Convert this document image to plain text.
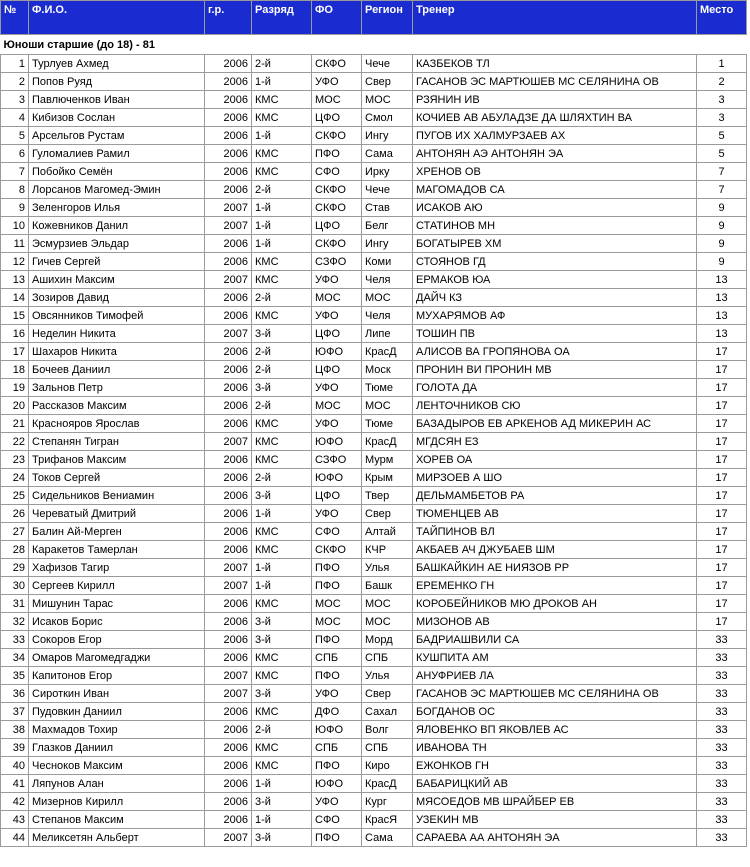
№	Ф.И.О.	г.р.	Разряд	ФО	Регион	Тренер	Место
Юноши старшие (до 18) - 81							
1	Турлуев Ахмед	2006	2-й	СКФО	Чече	КАЗБЕКОВ ТЛ	1
2	Попов Руяд	2006	1-й	УФО	Свер	ГАСАНОВ ЭС МАРТЮШЕВ МС СЕЛЯНИНА ОВ	2
3	Павлюченков Иван	2006	КМС	МОС	МОС	РЗЯНИН ИВ	3
4	Кибизов Сослан	2006	КМС	ЦФО	Смол	КОЧИЕВ АВ АБУЛАДЗЕ ДА ШЛЯХТИН ВА	3
5	Арсельгов Рустам	2006	1-й	СКФО	Ингу	ПУГОВ ИХ ХАЛМУРЗАЕВ АХ	5
6	Гуломалиев Рамил	2006	КМС	ПФО	Сама	АНТОНЯН АЭ АНТОНЯН ЭА	5
7	Побойко Семён	2006	КМС	СФО	Ирку	ХРЕНОВ ОВ	7
8	Лорсанов Магомед-Эмин	2006	2-й	СКФО	Чече	МАГОМАДОВ СА	7
9	Зеленгоров Илья	2007	1-й	СКФО	Став	ИСАКОВ АЮ	9
10	Кожевников Данил	2007	1-й	ЦФО	Белг	СТАТИНОВ МН	9
11	Эсмурзиев Эльдар	2006	1-й	СКФО	Ингу	БОГАТЫРЕВ ХМ	9
12	Гичев Сергей	2006	КМС	СЗФО	Коми	СТОЯНОВ ГД	9
13	Ашихин Максим	2007	КМС	УФО	Челя	ЕРМАКОВ ЮА	13
14	Зозиров Давид	2006	2-й	МОС	МОС	ДАЙЧ КЗ	13
15	Овсянников Тимофей	2006	КМС	УФО	Челя	МУХАРЯМОВ АФ	13
16	Неделин Никита	2007	3-й	ЦФО	Липе	ТОШИН ПВ	13
17	Шахаров Никита	2006	2-й	ЮФО	КрасД	АЛИСОВ ВА ГРОПЯНОВА ОА	17
18	Бочеев Даниил	2006	2-й	ЦФО	Моск	ПРОНИН ВИ ПРОНИН МВ	17
19	Зальнов Петр	2006	3-й	УФО	Тюме	ГОЛОТА ДА	17
20	Рассказов Максим	2006	2-й	МОС	МОС	ЛЕНТОЧНИКОВ СЮ	17
21	Краснояров Ярослав	2006	КМС	УФО	Тюме	БАЗАДЫРОВ ЕВ АРКЕНОВ АД МИКЕРИН АС	17
22	Степанян Тигран	2007	КМС	ЮФО	КрасД	МГДСЯН ЕЗ	17
23	Трифанов Максим	2006	КМС	СЗФО	Мурм	ХОРЕВ ОА	17
24	Токов Сергей	2006	2-й	ЮФО	Крым	МИРЗОЕВ А ШО	17
25	Сидельников Вениамин	2006	3-й	ЦФО	Твер	ДЕЛЬМАМБЕТОВ РА	17
26	Череватый Дмитрий	2006	1-й	УФО	Свер	ТЮМЕНЦЕВ АВ	17
27	Балин Ай-Мерген	2006	КМС	СФО	Алтай	ТАЙПИНОВ ВЛ	17
28	Каракетов Тамерлан	2006	КМС	СКФО	КЧР	АКБАЕВ АЧ ДЖУБАЕВ ШМ	17
29	Хафизов Тагир	2007	1-й	ПФО	Улья	БАШКАЙКИН АЕ НИЯЗОВ РР	17
30	Сергеев Кирилл	2007	1-й	ПФО	Башк	ЕРЕМЕНКО ГН	17
31	Мишунин Тарас	2006	КМС	МОС	МОС	КОРОБЕЙНИКОВ МЮ ДРОКОВ АН	17
32	Исаков Борис	2006	3-й	МОС	МОС	МИЗОНОВ АВ	17
33	Сокоров Егор	2006	3-й	ПФО	Морд	БАДРИАШВИЛИ СА	33
34	Омаров Магомедгаджи	2006	КМС	СПБ	СПБ	КУШПИТА АМ	33
35	Капитонов Егор	2007	КМС	ПФО	Улья	АНУФРИЕВ ЛА	33
36	Сироткин Иван	2007	3-й	УФО	Свер	ГАСАНОВ ЭС МАРТЮШЕВ МС СЕЛЯНИНА ОВ	33
37	Пудовкин Даниил	2006	КМС	ДФО	Сахал	БОГДАНОВ ОС	33
38	Махмадов Тохир	2006	2-й	ЮФО	Волг	ЯЛОВЕНКО ВП ЯКОВЛЕВ АС	33
39	Глазков Даниил	2006	КМС	СПБ	СПБ	ИВАНОВА ТН	33
40	Чесноков Максим	2006	КМС	ПФО	Киро	ЕЖОНКОВ ГН	33
41	Ляпунов Алан	2006	1-й	ЮФО	КрасД	БАБАРИЦКИЙ АВ	33
42	Мизернов Кирилл	2006	3-й	УФО	Кург	МЯСОЕДОВ МВ ШРАЙБЕР ЕВ	33
43	Степанов Максим	2006	1-й	СФО	КрасЯ	УЗЕКИН МВ	33
44	Меликсетян Альберт	2007	3-й	ПФО	Сама	САРАЕВА АА АНТОНЯН ЭА	33
